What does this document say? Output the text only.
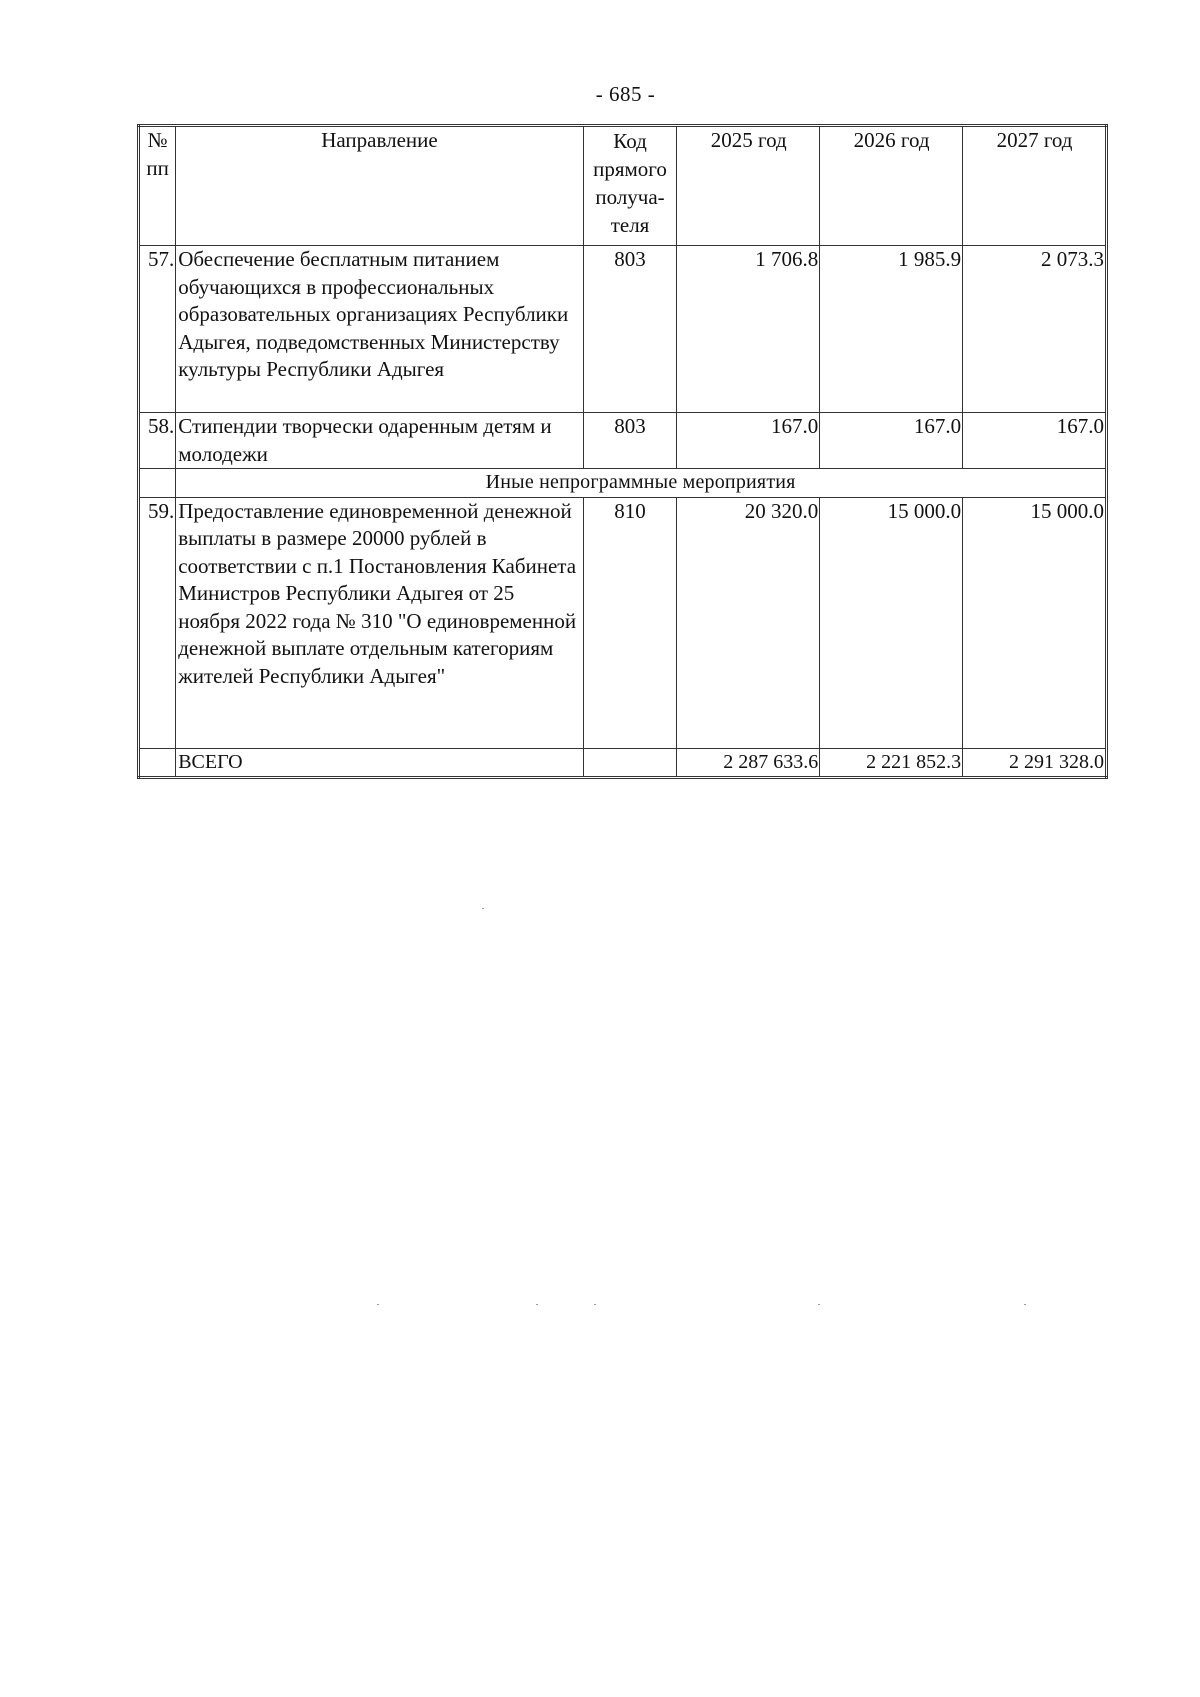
- 685 -
№ пп	Направление	Код прямого получа- теля	2025 год	2026 год	2027 год
57.	Обеспечение бесплатным питанием обучающихся в профессиональных образовательных организациях Республики Адыгея, подведомственных Министерству культуры Республики Адыгея	803	1 706.8	1 985.9	2 073.3
58.	Стипендии творчески одаренным детям и молодежи	803	167.0	167.0	167.0
	Иные непрограммные мероприятия				
59.	Предоставление единовременной денежной выплаты в размере 20000 рублей в соответствии с п.1 Постановления Кабинета Министров Республики Адыгея от 25 ноября 2022 года № 310 "О единовременной денежной выплате отдельным категориям жителей Республики Адыгея"	810	20 320.0	15 000.0	15 000.0
	ВСЕГО		2 287 633.6	2 221 852.3	2 291 328.0
